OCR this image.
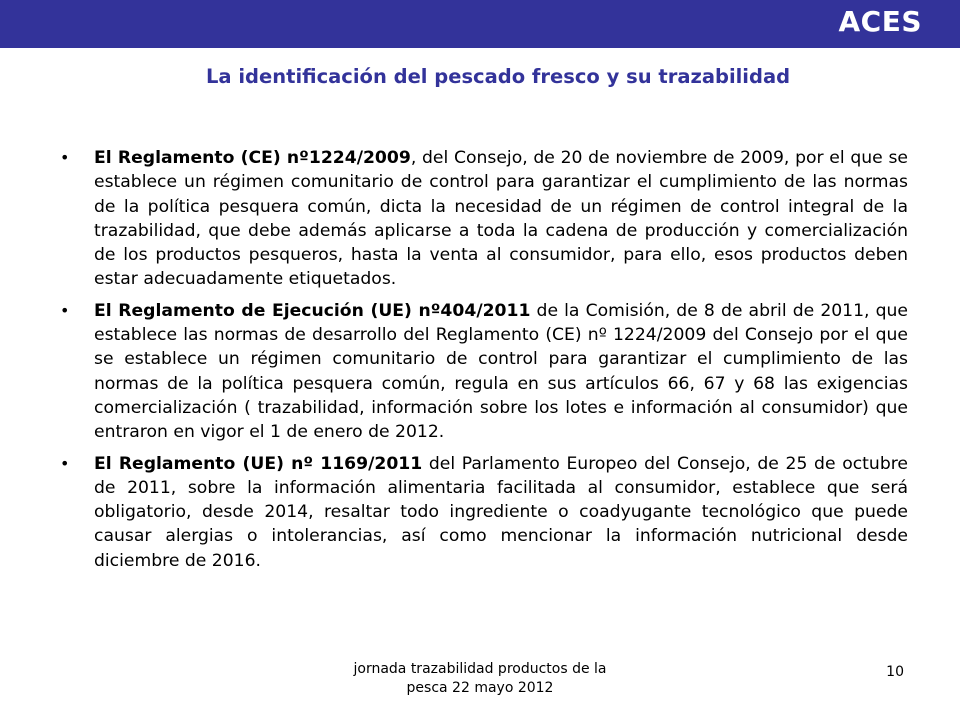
ACES
La identificación del pescado fresco y su trazabilidad
• El Reglamento (CE) nº1224/2009, del Consejo, de 20 de noviembre de 2009, por el que se establece un régimen comunitario de control para garantizar el cumplimiento de las normas de la política pesquera común, dicta la necesidad de un régimen de control integral de la trazabilidad, que debe además aplicarse a toda la cadena de producción y comercialización de los productos pesqueros, hasta la venta al consumidor, para ello, esos productos deben estar adecuadamente etiquetados.
• El Reglamento de Ejecución (UE) nº404/2011 de la Comisión, de 8 de abril de 2011, que establece las normas de desarrollo del Reglamento (CE) nº 1224/2009 del Consejo por el que se establece un régimen comunitario de control para garantizar el cumplimiento de las normas de la política pesquera común, regula en sus artículos 66, 67 y 68 las exigencias comercialización ( trazabilidad, información sobre los lotes e información al consumidor) que entraron en vigor el 1 de enero de 2012.
• El Reglamento (UE) nº 1169/2011 del Parlamento Europeo del Consejo, de 25 de octubre de 2011, sobre la información alimentaria facilitada al consumidor, establece que será obligatorio, desde 2014, resaltar todo ingrediente o coadyugante tecnológico que puede causar alergias o intolerancias, así como mencionar la información nutricional desde diciembre de 2016.
jornada trazabilidad productos de la
pesca 22 mayo 2012
10
